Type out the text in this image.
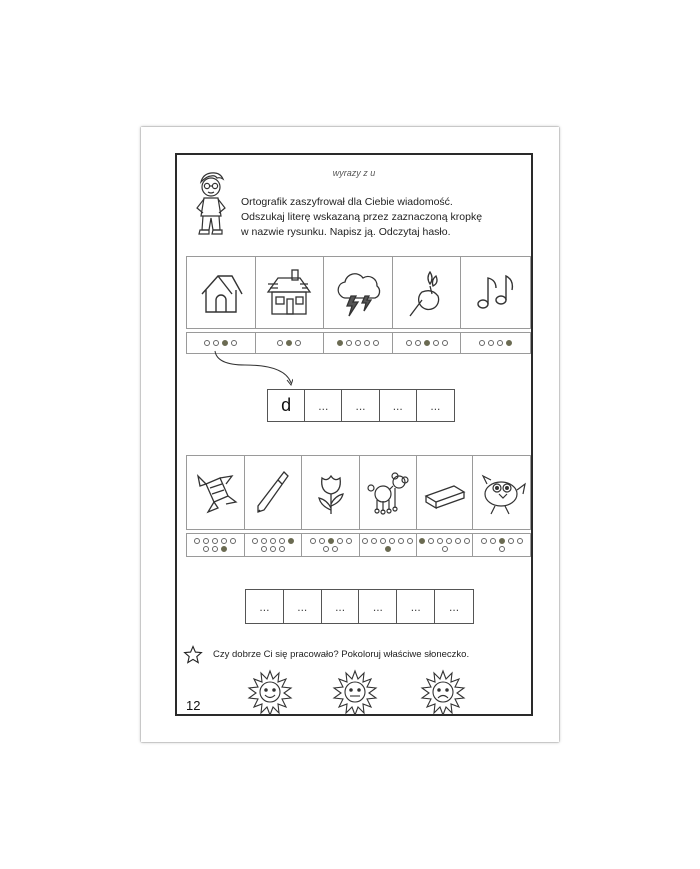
wyrazy z u
Ortografik zaszyfrował dla Ciebie wiadomość.
Odszukaj literę wskazaną przez zaznaczoną kropkę
w nazwie rysunku. Napisz ją. Odczytaj hasło.
d	...	...	...	...
...	...	...	...	...	...
Czy dobrze Ci się pracowało? Pokoloruj właściwe słoneczko.
12
